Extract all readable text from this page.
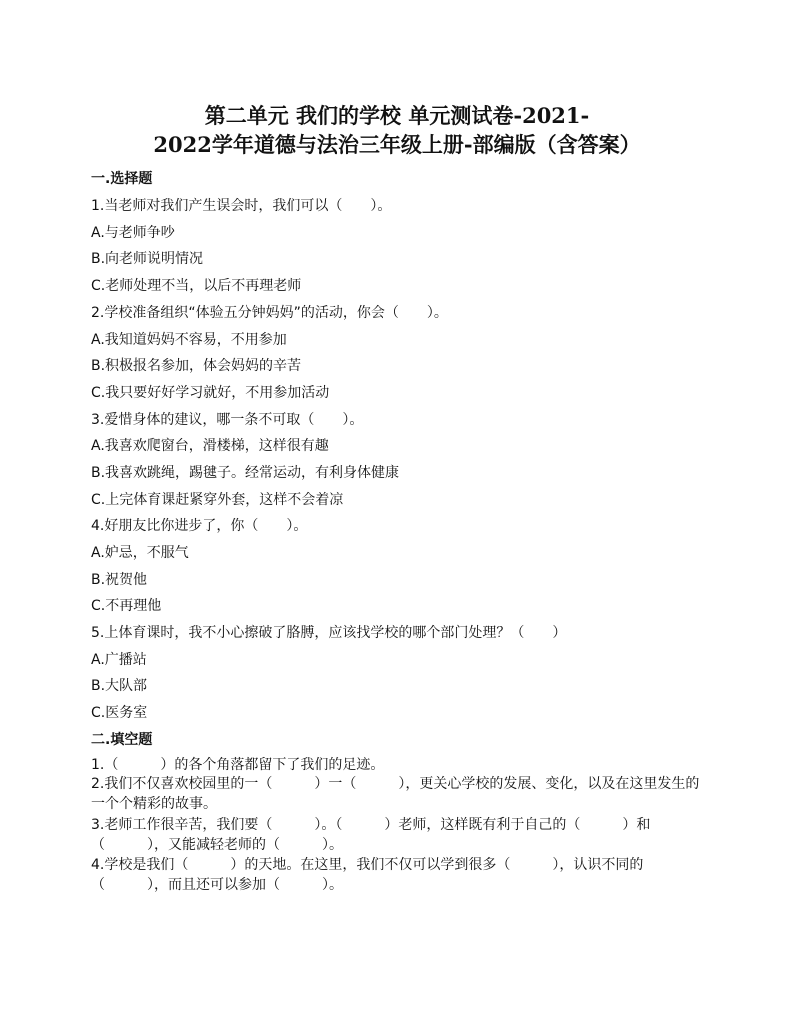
第二单元 我们的学校 单元测试卷-2021-
2022学年道德与法治三年级上册-部编版（含答案）
一.选择题
1.当老师对我们产生误会时，我们可以（　　）。
A.与老师争吵
B.向老师说明情况
C.老师处理不当，以后不再理老师
2.学校准备组织“体验五分钟妈妈”的活动，你会（　　）。
A.我知道妈妈不容易，不用参加
B.积极报名参加，体会妈妈的辛苦
C.我只要好好学习就好，不用参加活动
3.爱惜身体的建议，哪一条不可取（　　）。
A.我喜欢爬窗台，滑楼梯，这样很有趣
B.我喜欢跳绳，踢毽子。经常运动，有利身体健康
C.上完体育课赶紧穿外套，这样不会着凉
4.好朋友比你进步了，你（　　）。
A.妒忌，不服气
B.祝贺他
C.不再理他
5.上体育课时，我不小心擦破了胳膊，应该找学校的哪个部门处理？（　　）
A.广播站
B.大队部
C.医务室
二.填空题
1.（　　　）的各个角落都留下了我们的足迹。
2.我们不仅喜欢校园里的一（　　　）一（　　　），更关心学校的发展、变化，以及在这里发生的一个个精彩的故事。
3.老师工作很辛苦，我们要（　　　）。（　　　）老师，这样既有利于自己的（　　　）和（　　　），又能减轻老师的（　　　）。
4.学校是我们（　　　）的天地。在这里，我们不仅可以学到很多（　　　），认识不同的（　　　），而且还可以参加（　　　）。
